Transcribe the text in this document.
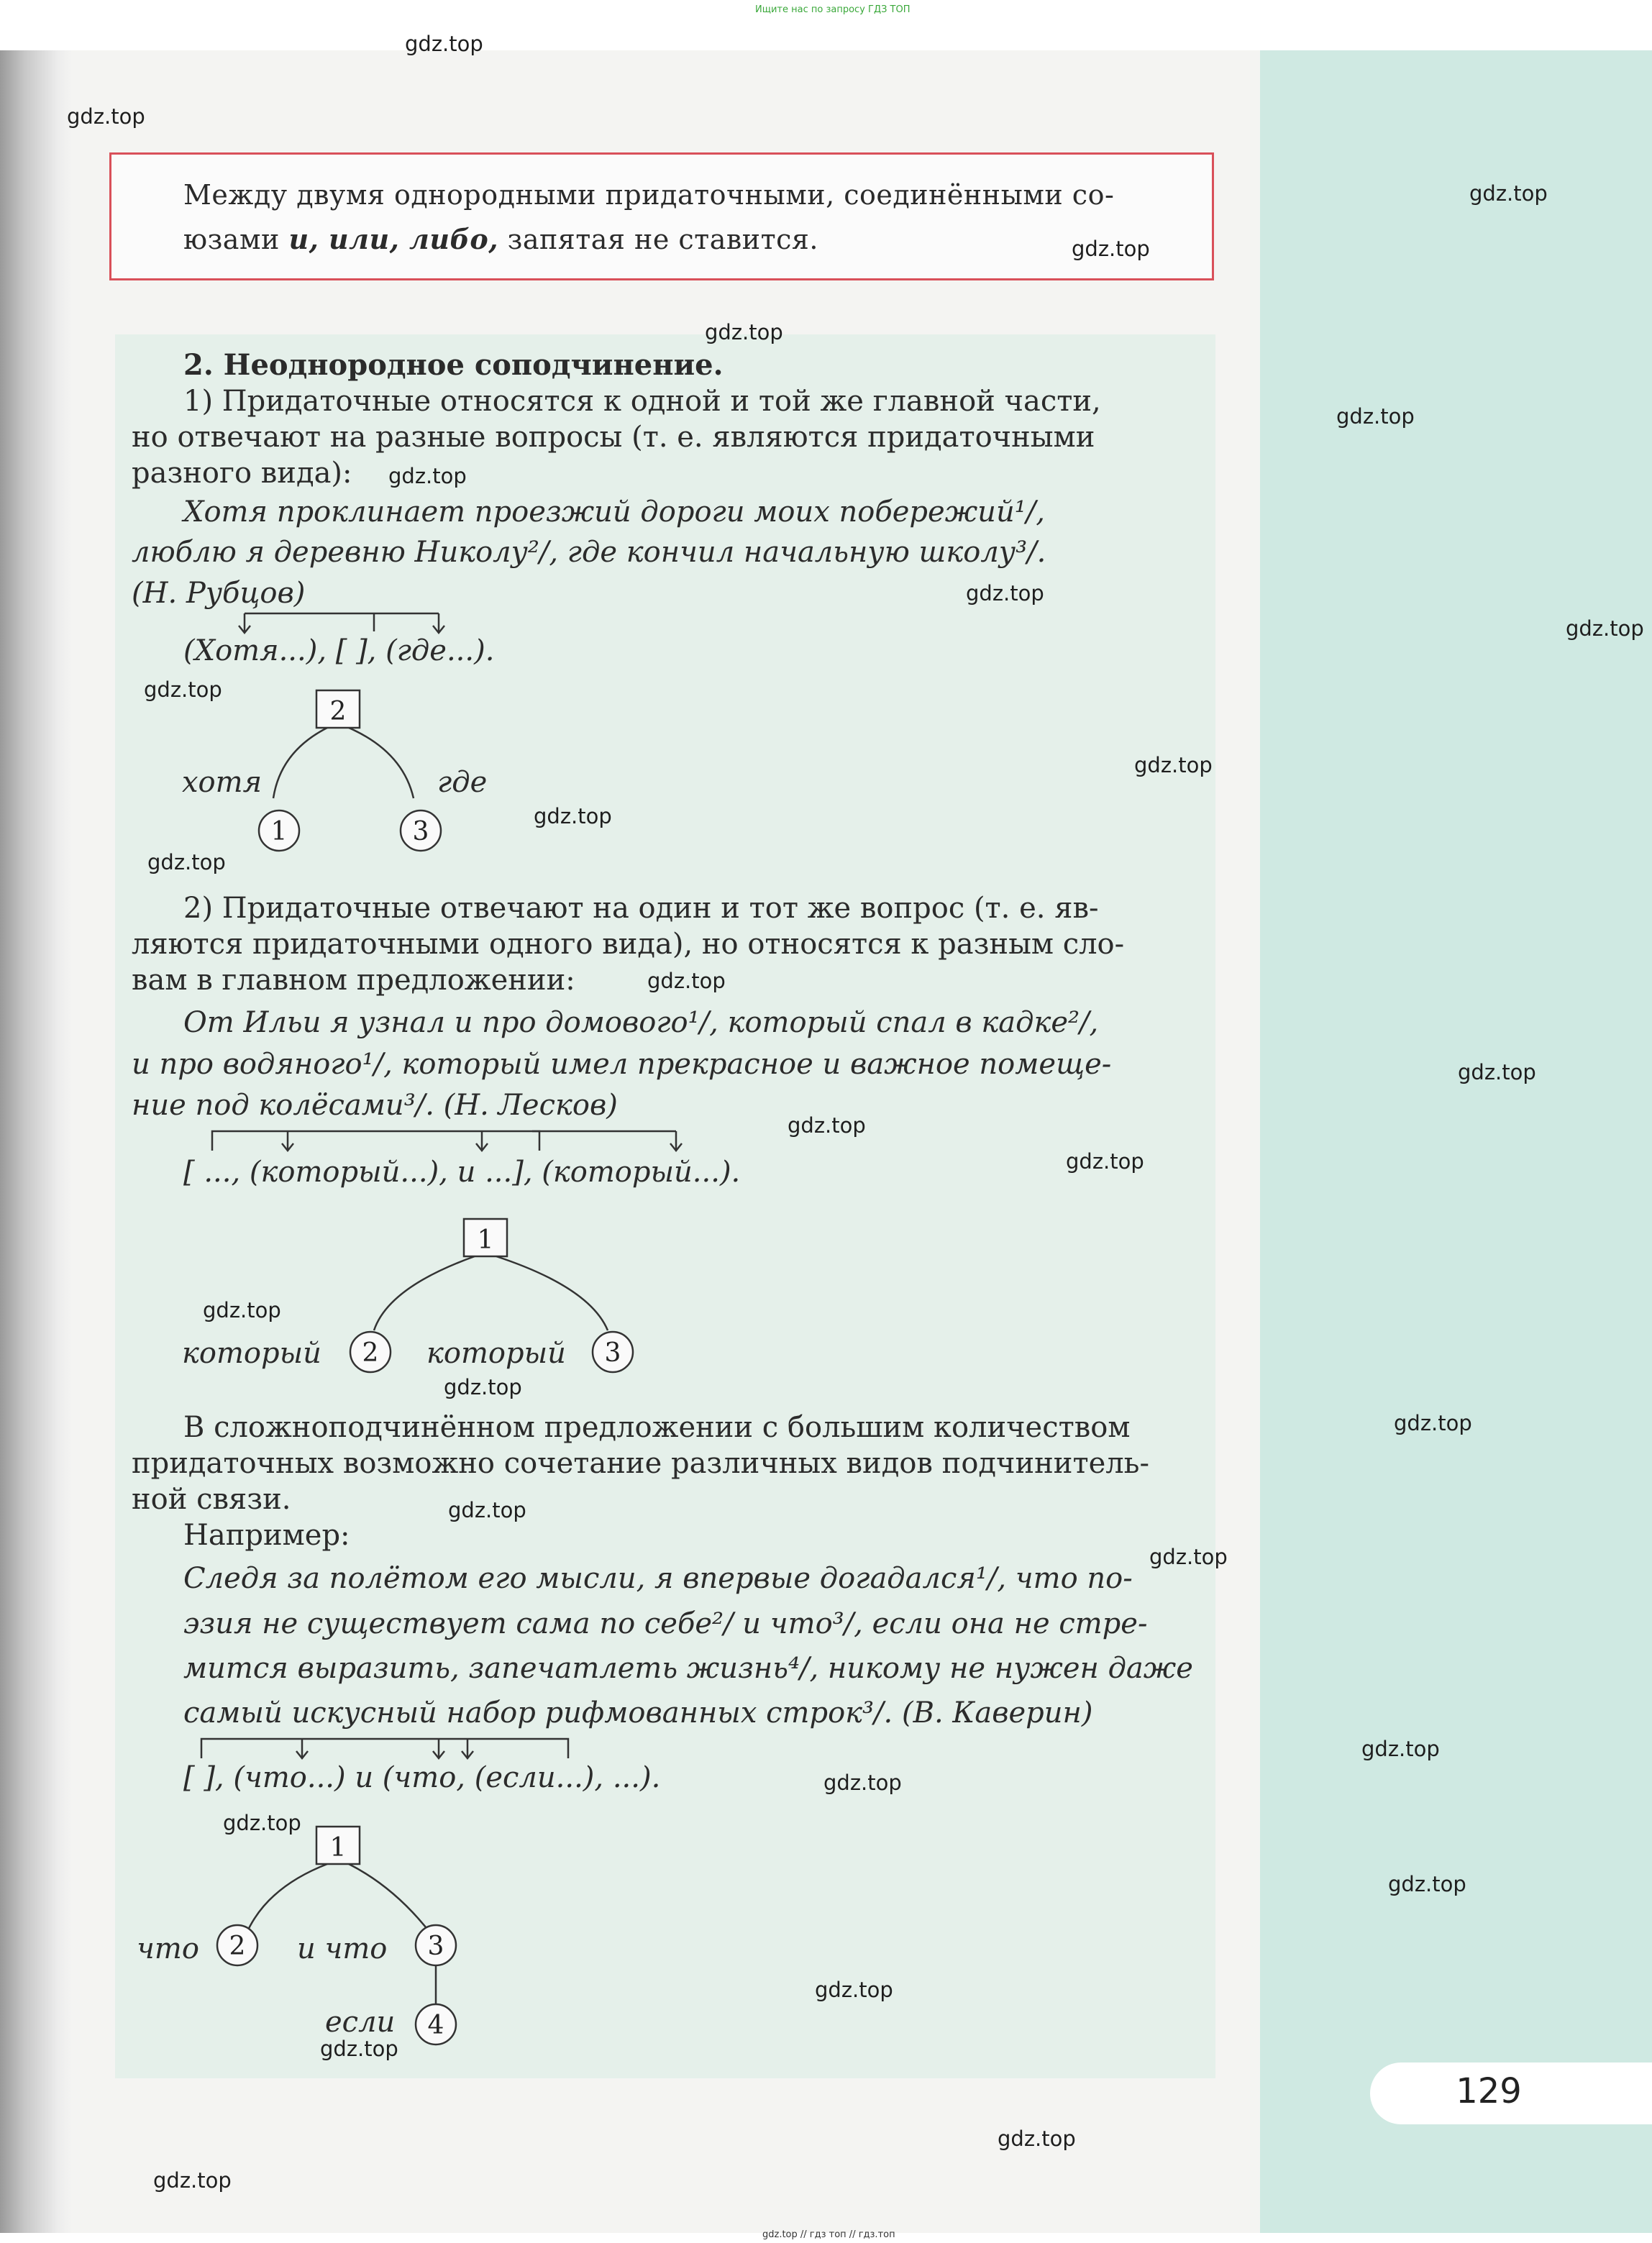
Ищите нас по запросу ГДЗ ТОП
129
Между двумя однородными придаточными, соединёнными со-
юзами и, или, либо, запятая не ставится.
2. Неоднородное соподчинение.
1) Придаточные относятся к одной и той же главной части,
но отвечают на разные вопросы (т. е. являются придаточными
разного вида):
Хотя проклинает проезжий дороги моих побережий¹/,
люблю я деревню Николу²/, где кончил начальную школу³/.
(Н. Рубцов)
(Хотя...), [ ], (где...).
2
1	3
хотя	где
2) Придаточные отвечают на один и тот же вопрос (т. е. яв-
ляются придаточными одного вида), но относятся к разным сло-
вам в главном предложении:
От Ильи я узнал и про домового¹/, который спал в кадке²/,
и про водяного¹/, который имел прекрасное и важное помеще-
ние под колёсами³/. (Н. Лесков)
[ ..., (который...), и ...], (который...).
1
2	3
который	который
В сложноподчинённом предложении с большим количеством
придаточных возможно сочетание различных видов подчинитель-
ной связи.
Например:
Следя за полётом его мысли, я впервые догадался¹/, что по-
эзия не существует сама по себе²/ и что³/, если она не стре-
мится выразить, запечатлеть жизнь⁴/, никому не нужен даже
самый искусный набор рифмованных строк³/. (В. Каверин)
[ ], (что...) и (что, (если...), ...).
1
2	3
4
что	и что
если
gdz.top
gdz.top
gdz.top
gdz.top
gdz.top
gdz.top
gdz.top
gdz.top
gdz.top
gdz.top
gdz.top
gdz.top
gdz.top
gdz.top
gdz.top
gdz.top
gdz.top
gdz.top
gdz.top
gdz.top
gdz.top
gdz.top
gdz.top
gdz.top
gdz.top
gdz.top
gdz.top
gdz.top
gdz.top
gdz.top
gdz.top // гдз топ // гдз.топ
